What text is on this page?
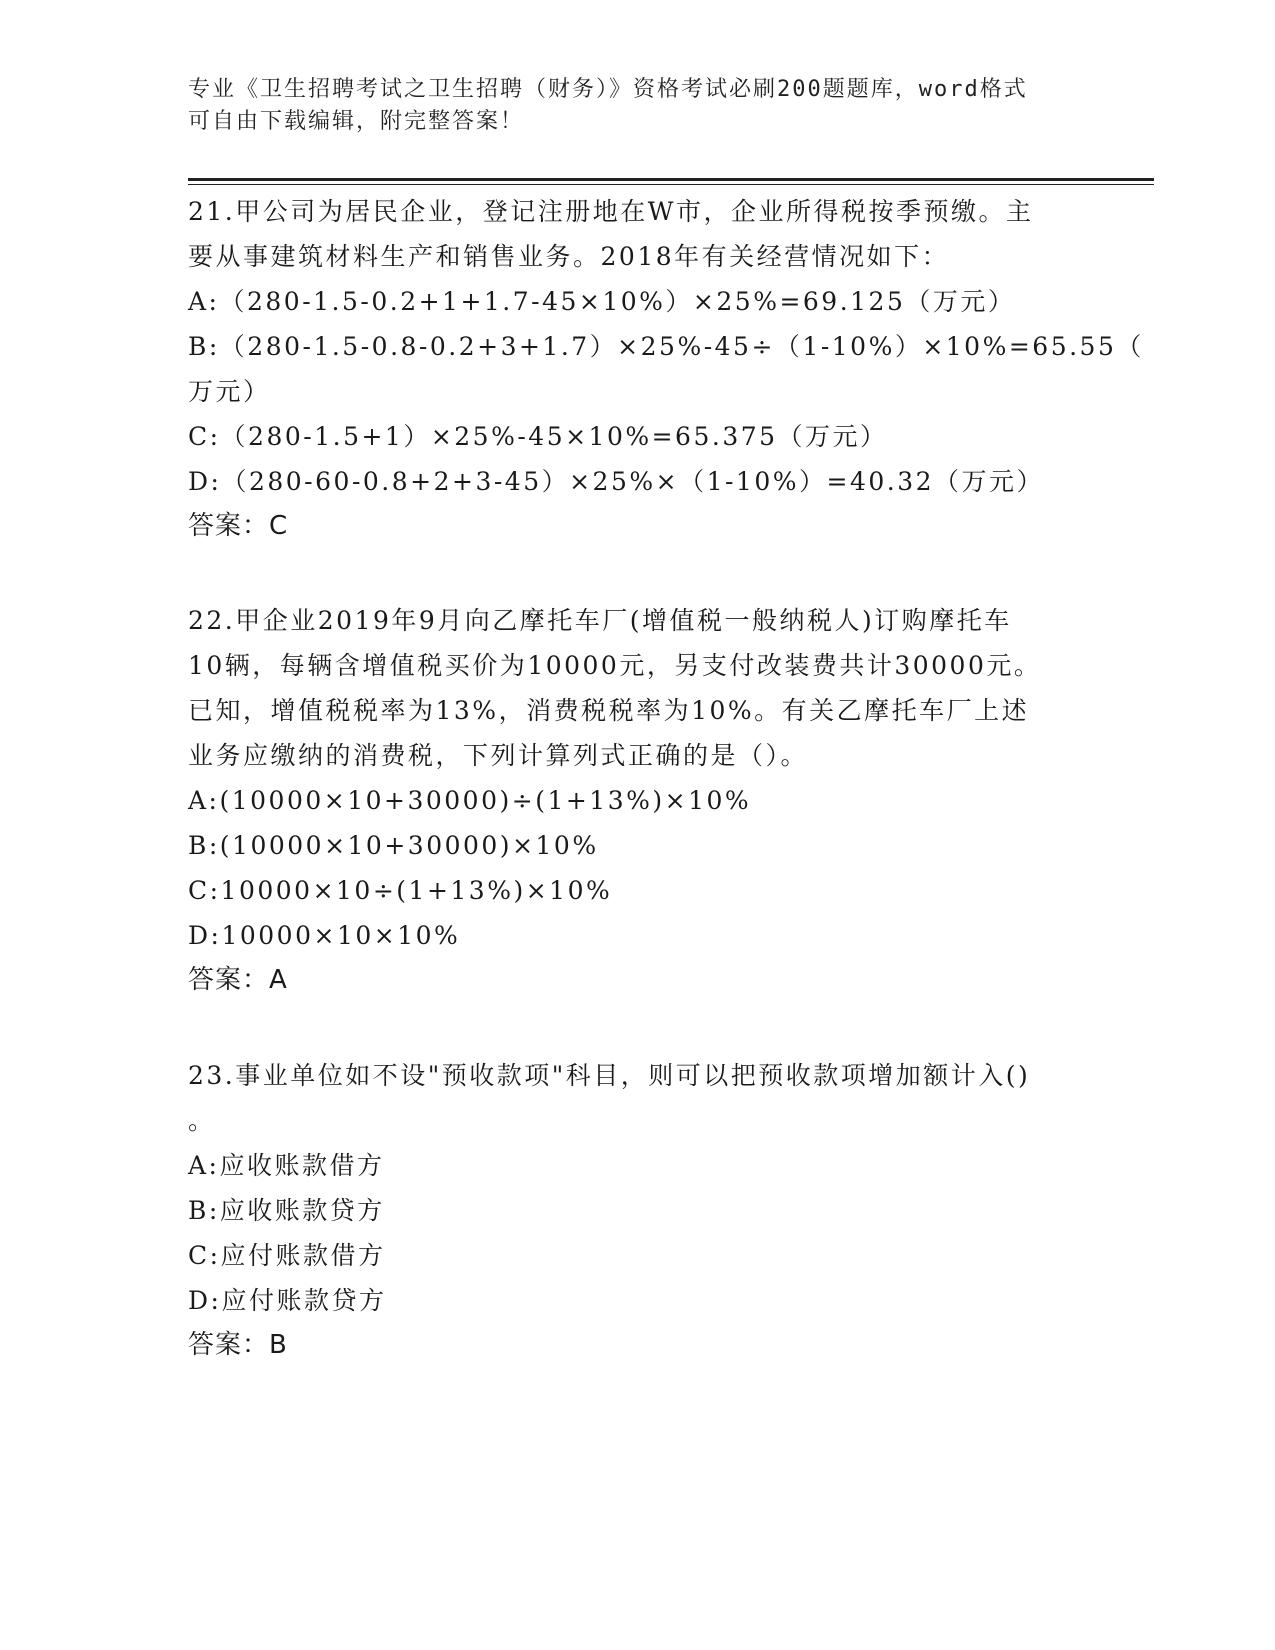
专业《卫生招聘考试之卫生招聘（财务）》资格考试必刷200题题库，word格式
可自由下载编辑，附完整答案！
21.甲公司为居民企业，登记注册地在W市，企业所得税按季预缴。主
要从事建筑材料生产和销售业务。2018年有关经营情况如下：
A:（280-1.5-0.2+1+1.7-45×10%）×25%=69.125（万元）
B:（280-1.5-0.8-0.2+3+1.7）×25%-45÷（1-10%）×10%=65.55（
万元）
C:（280-1.5+1）×25%-45×10%=65.375（万元）
D:（280-60-0.8+2+3-45）×25%×（1-10%）=40.32（万元）
答案：C
22.甲企业2019年9月向乙摩托车厂(增值税一般纳税人)订购摩托车
10辆，每辆含增值税买价为10000元，另支付改装费共计30000元。
已知，增值税税率为13%，消费税税率为10%。有关乙摩托车厂上述
业务应缴纳的消费税，下列计算列式正确的是（）。
A:(10000×10+30000)÷(1+13%)×10%
B:(10000×10+30000)×10%
C:10000×10÷(1+13%)×10%
D:10000×10×10%
答案：A
23.事业单位如不设"预收款项"科目，则可以把预收款项增加额计入()
。
A:应收账款借方
B:应收账款贷方
C:应付账款借方
D:应付账款贷方
答案：B
